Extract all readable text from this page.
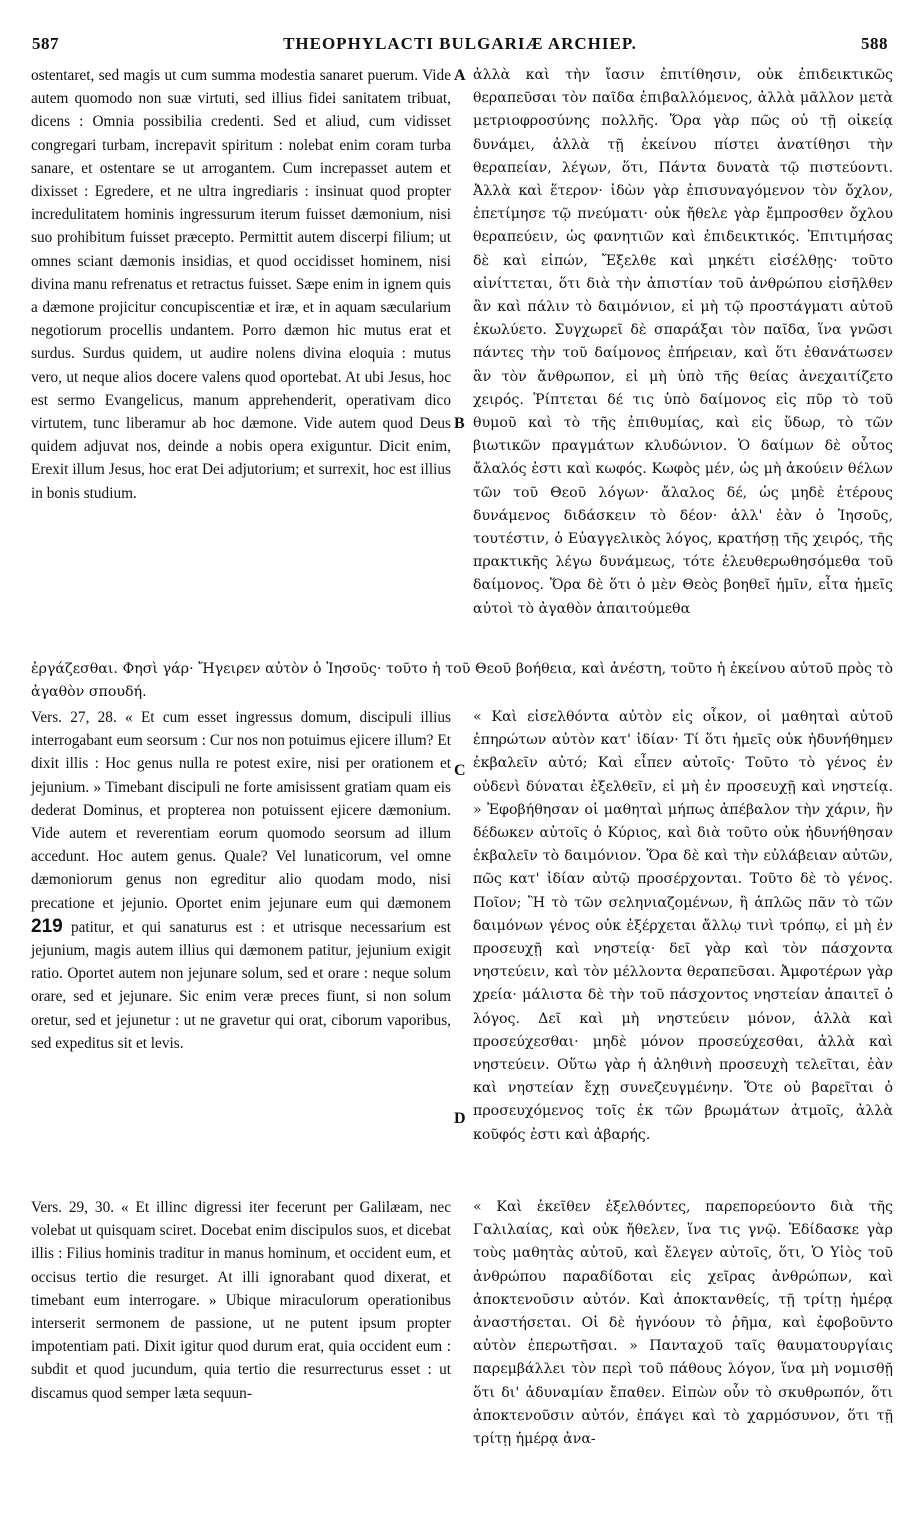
587	THEOPHYLACTI BULGARIÆ ARCHIEP.	588
A
B
C
D

ostentaret, sed magis ut cum summa modestia sanaret puerum. Vide autem quomodo non suæ virtuti, sed illius fidei sanitatem tribuat, dicens : Omnia possibilia credenti. Sed et aliud, cum vidisset congregari turbam, increpavit spiritum : nolebat enim coram turba sanare, et ostentare se ut arrogantem. Cum increpasset autem et dixisset : Egredere, et ne ultra ingrediaris : insinuat quod propter incredulitatem hominis ingressurum iterum fuisset dæmonium, nisi suo prohibitum fuisset præcepto. Permittit autem discerpi filium; ut omnes sciant dæmonis insidias, et quod occidisset hominem, nisi divina manu refrenatus et retractus fuisset. Sæpe enim in ignem quis a dæmone projicitur concupiscentiæ et iræ, et in aquam sæcularium negotiorum procellis undantem. Porro dæmon hic mutus erat et surdus. Surdus quidem, ut audire nolens divina eloquia : mutus vero, ut neque alios docere valens quod oportebat. At ubi Jesus, hoc est sermo Evangelicus, manum apprehenderit, operativam dico virtutem, tunc liberamur ab hoc dæmone. Vide autem quod Deus quidem adjuvat nos, deinde a nobis opera exiguntur. Dicit enim, Erexit illum Jesus, hoc erat Dei adjutorium; et surrexit, hoc est illius in bonis studium.

ἀλλὰ καὶ τὴν ἴασιν ἐπιτίθησιν, οὐκ ἐπιδεικτικῶς θεραπεῦσαι τὸν παῖδα ἐπιβαλλόμενος, ἀλλὰ μᾶλλον μετὰ μετριοφροσύνης πολλῆς. Ὅρα γὰρ πῶς οὐ τῇ οἰκείᾳ δυνάμει, ἀλλὰ τῇ ἐκείνου πίστει ἀνατίθησι τὴν θεραπείαν, λέγων, ὅτι, Πάντα δυνατὰ τῷ πιστεύοντι. Ἀλλὰ καὶ ἕτερον· ἰδὼν γὰρ ἐπισυναγόμενον τὸν ὄχλον, ἐπετίμησε τῷ πνεύματι· οὐκ ἤθελε γὰρ ἔμπροσθεν ὄχλου θεραπεύειν, ὡς φανητιῶν καὶ ἐπιδεικτικός. Ἐπιτιμήσας δὲ καὶ εἰπών, Ἔξελθε καὶ μηκέτι εἰσέλθῃς· τοῦτο αἰνίττεται, ὅτι διὰ τὴν ἀπιστίαν τοῦ ἀνθρώπου εἰσῆλθεν ἂν καὶ πάλιν τὸ δαιμόνιον, εἰ μὴ τῷ προστάγματι αὐτοῦ ἐκωλύετο. Συγχωρεῖ δὲ σπαράξαι τὸν παῖδα, ἵνα γνῶσι πάντες τὴν τοῦ δαίμονος ἐπήρειαν, καὶ ὅτι ἐθανάτωσεν ἂν τὸν ἄνθρωπον, εἰ μὴ ὑπὸ τῆς θείας ἀνεχαιτίζετο χειρός. Ῥίπτεται δέ τις ὑπὸ δαίμονος εἰς πῦρ τὸ τοῦ θυμοῦ καὶ τὸ τῆς ἐπιθυμίας, καὶ εἰς ὕδωρ, τὸ τῶν βιωτικῶν πραγμάτων κλυδώνιον. Ὁ δαίμων δὲ οὗτος ἄλαλός ἐστι καὶ κωφός. Κωφὸς μέν, ὡς μὴ ἀκούειν θέλων τῶν τοῦ Θεοῦ λόγων· ἄλαλος δέ, ὡς μηδὲ ἑτέρους δυνάμενος διδάσκειν τὸ δέον· ἀλλ' ἐὰν ὁ Ἰησοῦς, τουτέστιν, ὁ Εὐαγγελικὸς λόγος, κρατήσῃ τῆς χειρός, τῆς πρακτικῆς λέγω δυνάμεως, τότε ἐλευθερωθησόμεθα τοῦ δαίμονος. Ὅρα δὲ ὅτι ὁ μὲν Θεὸς βοηθεῖ ἡμῖν, εἶτα ἡμεῖς αὐτοὶ τὸ ἀγαθὸν ἀπαιτούμεθα

ἐργάζεσθαι. Φησὶ γάρ· Ἤγειρεν αὐτὸν ὁ Ἰησοῦς· τοῦτο ἡ τοῦ Θεοῦ βοήθεια, καὶ ἀνέστη, τοῦτο ἡ ἐκείνου αὐτοῦ πρὸς τὸ ἀγαθὸν σπουδή.

Vers. 27, 28. « Et cum esset ingressus domum, discipuli illius interrogabant eum seorsum : Cur nos non potuimus ejicere illum? Et dixit illis : Hoc genus nulla re potest exire, nisi per orationem et jejunium. » Timebant discipuli ne forte amisissent gratiam quam eis dederat Dominus, et propterea non potuissent ejicere dæmonium. Vide autem et reverentiam eorum quomodo seorsum ad illum accedunt. Hoc autem genus. Quale? Vel lunaticorum, vel omne dæmoniorum genus non egreditur alio quodam modo, nisi precatione et jejunio. Oportet enim jejunare eum qui dæmonem 219 patitur, et qui sanaturus est : et utrisque necessarium est jejunium, magis autem illius qui dæmonem patitur, jejunium exigit ratio. Oportet autem non jejunare solum, sed et orare : neque solum orare, sed et jejunare. Sic enim veræ preces fiunt, si non solum oretur, sed et jejunetur : ut ne gravetur qui orat, ciborum vaporibus, sed expeditus sit et levis.

« Καὶ εἰσελθόντα αὐτὸν εἰς οἶκον, οἱ μαθηταὶ αὐτοῦ ἐπηρώτων αὐτὸν κατ' ἰδίαν· Τί ὅτι ἡμεῖς οὐκ ἠδυνήθημεν ἐκβαλεῖν αὐτό; Καὶ εἶπεν αὐτοῖς· Τοῦτο τὸ γένος ἐν οὐδενὶ δύναται ἐξελθεῖν, εἰ μὴ ἐν προσευχῇ καὶ νηστείᾳ. » Ἐφοβήθησαν οἱ μαθηταὶ μήπως ἀπέβαλον τὴν χάριν, ἣν δέδωκεν αὐτοῖς ὁ Κύριος, καὶ διὰ τοῦτο οὐκ ἠδυνήθησαν ἐκβαλεῖν τὸ δαιμόνιον. Ὅρα δὲ καὶ τὴν εὐλάβειαν αὐτῶν, πῶς κατ' ἰδίαν αὐτῷ προσέρχονται. Τοῦτο δὲ τὸ γένος. Ποῖον; Ἢ τὸ τῶν σεληνιαζομένων, ἢ ἁπλῶς πᾶν τὸ τῶν δαιμόνων γένος οὐκ ἐξέρχεται ἄλλῳ τινὶ τρόπῳ, εἰ μὴ ἐν προσευχῇ καὶ νηστείᾳ· δεῖ γὰρ καὶ τὸν πάσχοντα νηστεύειν, καὶ τὸν μέλλοντα θεραπεῦσαι. Ἀμφοτέρων γὰρ χρεία· μάλιστα δὲ τὴν τοῦ πάσχοντος νηστείαν ἀπαιτεῖ ὁ λόγος. Δεῖ καὶ μὴ νηστεύειν μόνον, ἀλλὰ καὶ προσεύχεσθαι· μηδὲ μόνον προσεύχεσθαι, ἀλλὰ καὶ νηστεύειν. Οὕτω γὰρ ἡ ἀληθινὴ προσευχὴ τελεῖται, ἐὰν καὶ νηστείαν ἔχῃ συνεζευγμένην. Ὅτε οὐ βαρεῖται ὁ προσευχόμενος τοῖς ἐκ τῶν βρωμάτων ἀτμοῖς, ἀλλὰ κοῦφός ἐστι καὶ ἀβαρής.

Vers. 29, 30. « Et illinc digressi iter fecerunt per Galilæam, nec volebat ut quisquam sciret. Docebat enim discipulos suos, et dicebat illis : Filius hominis traditur in manus hominum, et occident eum, et occisus tertio die resurget. At illi ignorabant quod dixerat, et timebant eum interrogare. » Ubique miraculorum operationibus interserit sermonem de passione, ut ne putent ipsum propter impotentiam pati. Dixit igitur quod durum erat, quia occident eum : subdit et quod jucundum, quia tertio die resurrecturus esset : ut discamus quod semper læta sequun-

« Καὶ ἐκεῖθεν ἐξελθόντες, παρεπορεύοντο διὰ τῆς Γαλιλαίας, καὶ οὐκ ἤθελεν, ἵνα τις γνῷ. Ἐδίδασκε γὰρ τοὺς μαθητὰς αὐτοῦ, καὶ ἔλεγεν αὐτοῖς, ὅτι, Ὁ Υἱὸς τοῦ ἀνθρώπου παραδίδοται εἰς χεῖρας ἀνθρώπων, καὶ ἀποκτενοῦσιν αὐτόν. Καὶ ἀποκτανθείς, τῇ τρίτῃ ἡμέρᾳ ἀναστήσεται. Οἱ δὲ ἠγνόουν τὸ ῥῆμα, καὶ ἐφοβοῦντο αὐτὸν ἐπερωτῆσαι. » Πανταχοῦ ταῖς θαυματουργίαις παρεμβάλλει τὸν περὶ τοῦ πάθους λόγον, ἵνα μὴ νομισθῇ ὅτι δι' ἀδυναμίαν ἔπαθεν. Εἰπὼν οὖν τὸ σκυθρωπόν, ὅτι ἀποκτενοῦσιν αὐτόν, ἐπάγει καὶ τὸ χαρμόσυνον, ὅτι τῇ τρίτῃ ἡμέρᾳ ἀνα-
